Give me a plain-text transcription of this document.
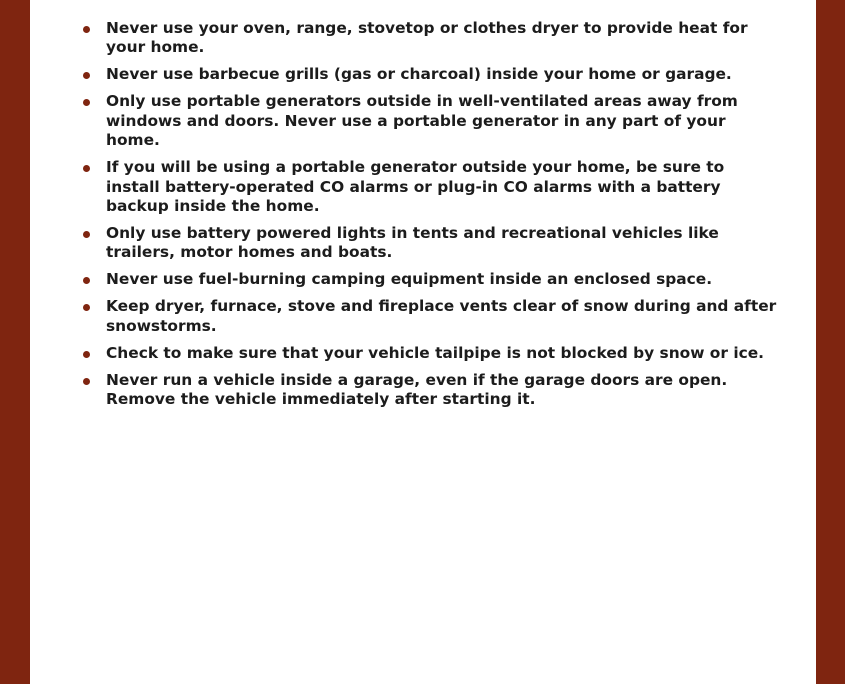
Never use your oven, range, stovetop or clothes dryer to provide heat for your home.
Never use barbecue grills (gas or charcoal) inside your home or garage.
Only use portable generators outside in well-ventilated areas away from windows and doors. Never use a portable generator in any part of your home.
If you will be using a portable generator outside your home, be sure to install battery-operated CO alarms or plug-in CO alarms with a battery backup inside the home.
Only use battery powered lights in tents and recreational vehicles like trailers, motor homes and boats.
Never use fuel-burning camping equipment inside an enclosed space.
Keep dryer, furnace, stove and fireplace vents clear of snow during and after snowstorms.
Check to make sure that your vehicle tailpipe is not blocked by snow or ice.
Never run a vehicle inside a garage, even if the garage doors are open. Remove the vehicle immediately after starting it.
